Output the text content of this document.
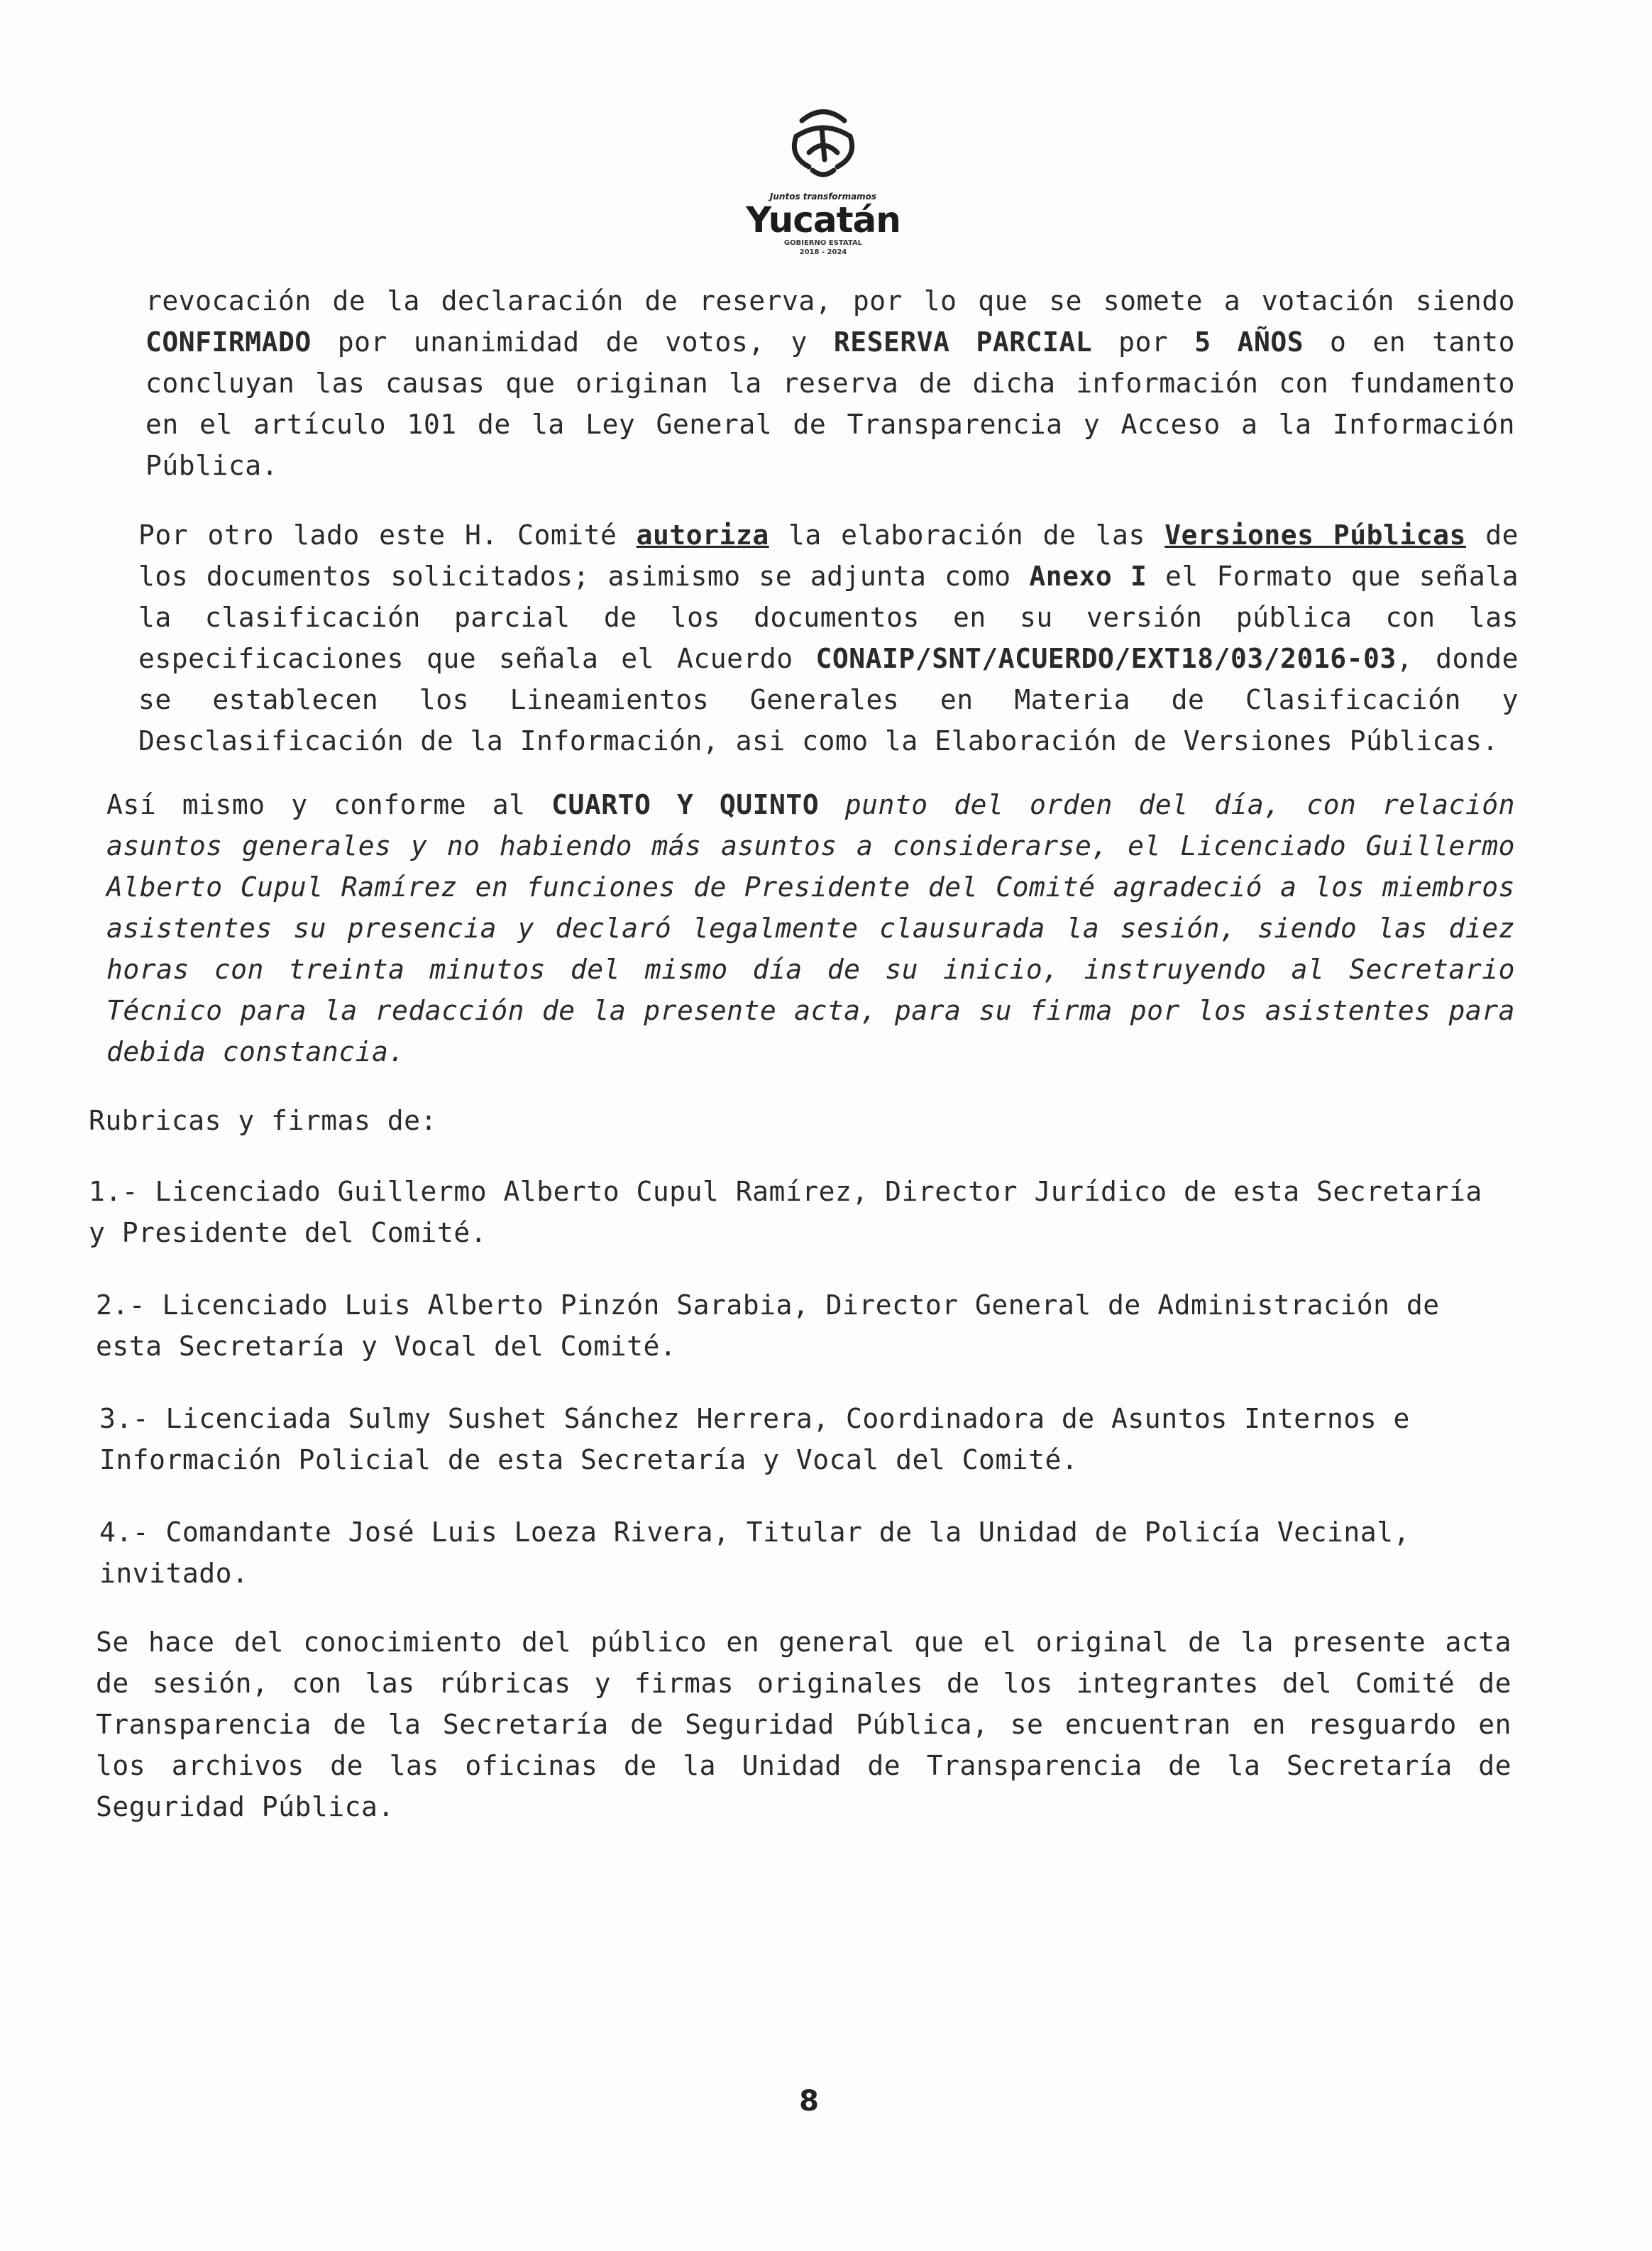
Juntos transformamos
Yucatán
GOBIERNO ESTATAL
2018 - 2024
revocación de la declaración de reserva, por lo que se somete a votación siendo CONFIRMADO por unanimidad de votos, y RESERVA PARCIAL por 5 AÑOS o en tanto concluyan las causas que originan la reserva de dicha información con fundamento en el artículo 101 de la Ley General de Transparencia y Acceso a la Información Pública.
Por otro lado este H. Comité autoriza la elaboración de las Versiones Públicas de los documentos solicitados; asimismo se adjunta como Anexo I el Formato que señala la clasificación parcial de los documentos en su versión pública con las especificaciones que señala el Acuerdo CONAIP/SNT/ACUERDO/EXT18/03/2016-03, donde se establecen los Lineamientos Generales en Materia de Clasificación y Desclasificación de la Información, asi como la Elaboración de Versiones Públicas.
Así mismo y conforme al CUARTO Y QUINTO punto del orden del día, con relación asuntos generales y no habiendo más asuntos a considerarse, el Licenciado Guillermo Alberto Cupul Ramírez en funciones de Presidente del Comité agradeció a los miembros asistentes su presencia y declaró legalmente clausurada la sesión, siendo las diez horas con treinta minutos del mismo día de su inicio, instruyendo al Secretario Técnico para la redacción de la presente acta, para su firma por los asistentes para debida constancia.
Rubricas y firmas de:
1.- Licenciado Guillermo Alberto Cupul Ramírez, Director Jurídico de esta Secretaría y Presidente del Comité.
2.- Licenciado Luis Alberto Pinzón Sarabia, Director General de Administración de esta Secretaría y Vocal del Comité.
3.- Licenciada Sulmy Sushet Sánchez Herrera, Coordinadora de Asuntos Internos e Información Policial de esta Secretaría y Vocal del Comité.
4.- Comandante José Luis Loeza Rivera, Titular de la Unidad de Policía Vecinal, invitado.
Se hace del conocimiento del público en general que el original de la presente acta de sesión, con las rúbricas y firmas originales de los integrantes del Comité de Transparencia de la Secretaría de Seguridad Pública, se encuentran en resguardo en los archivos de las oficinas de la Unidad de Transparencia de la Secretaría de Seguridad Pública.
8
